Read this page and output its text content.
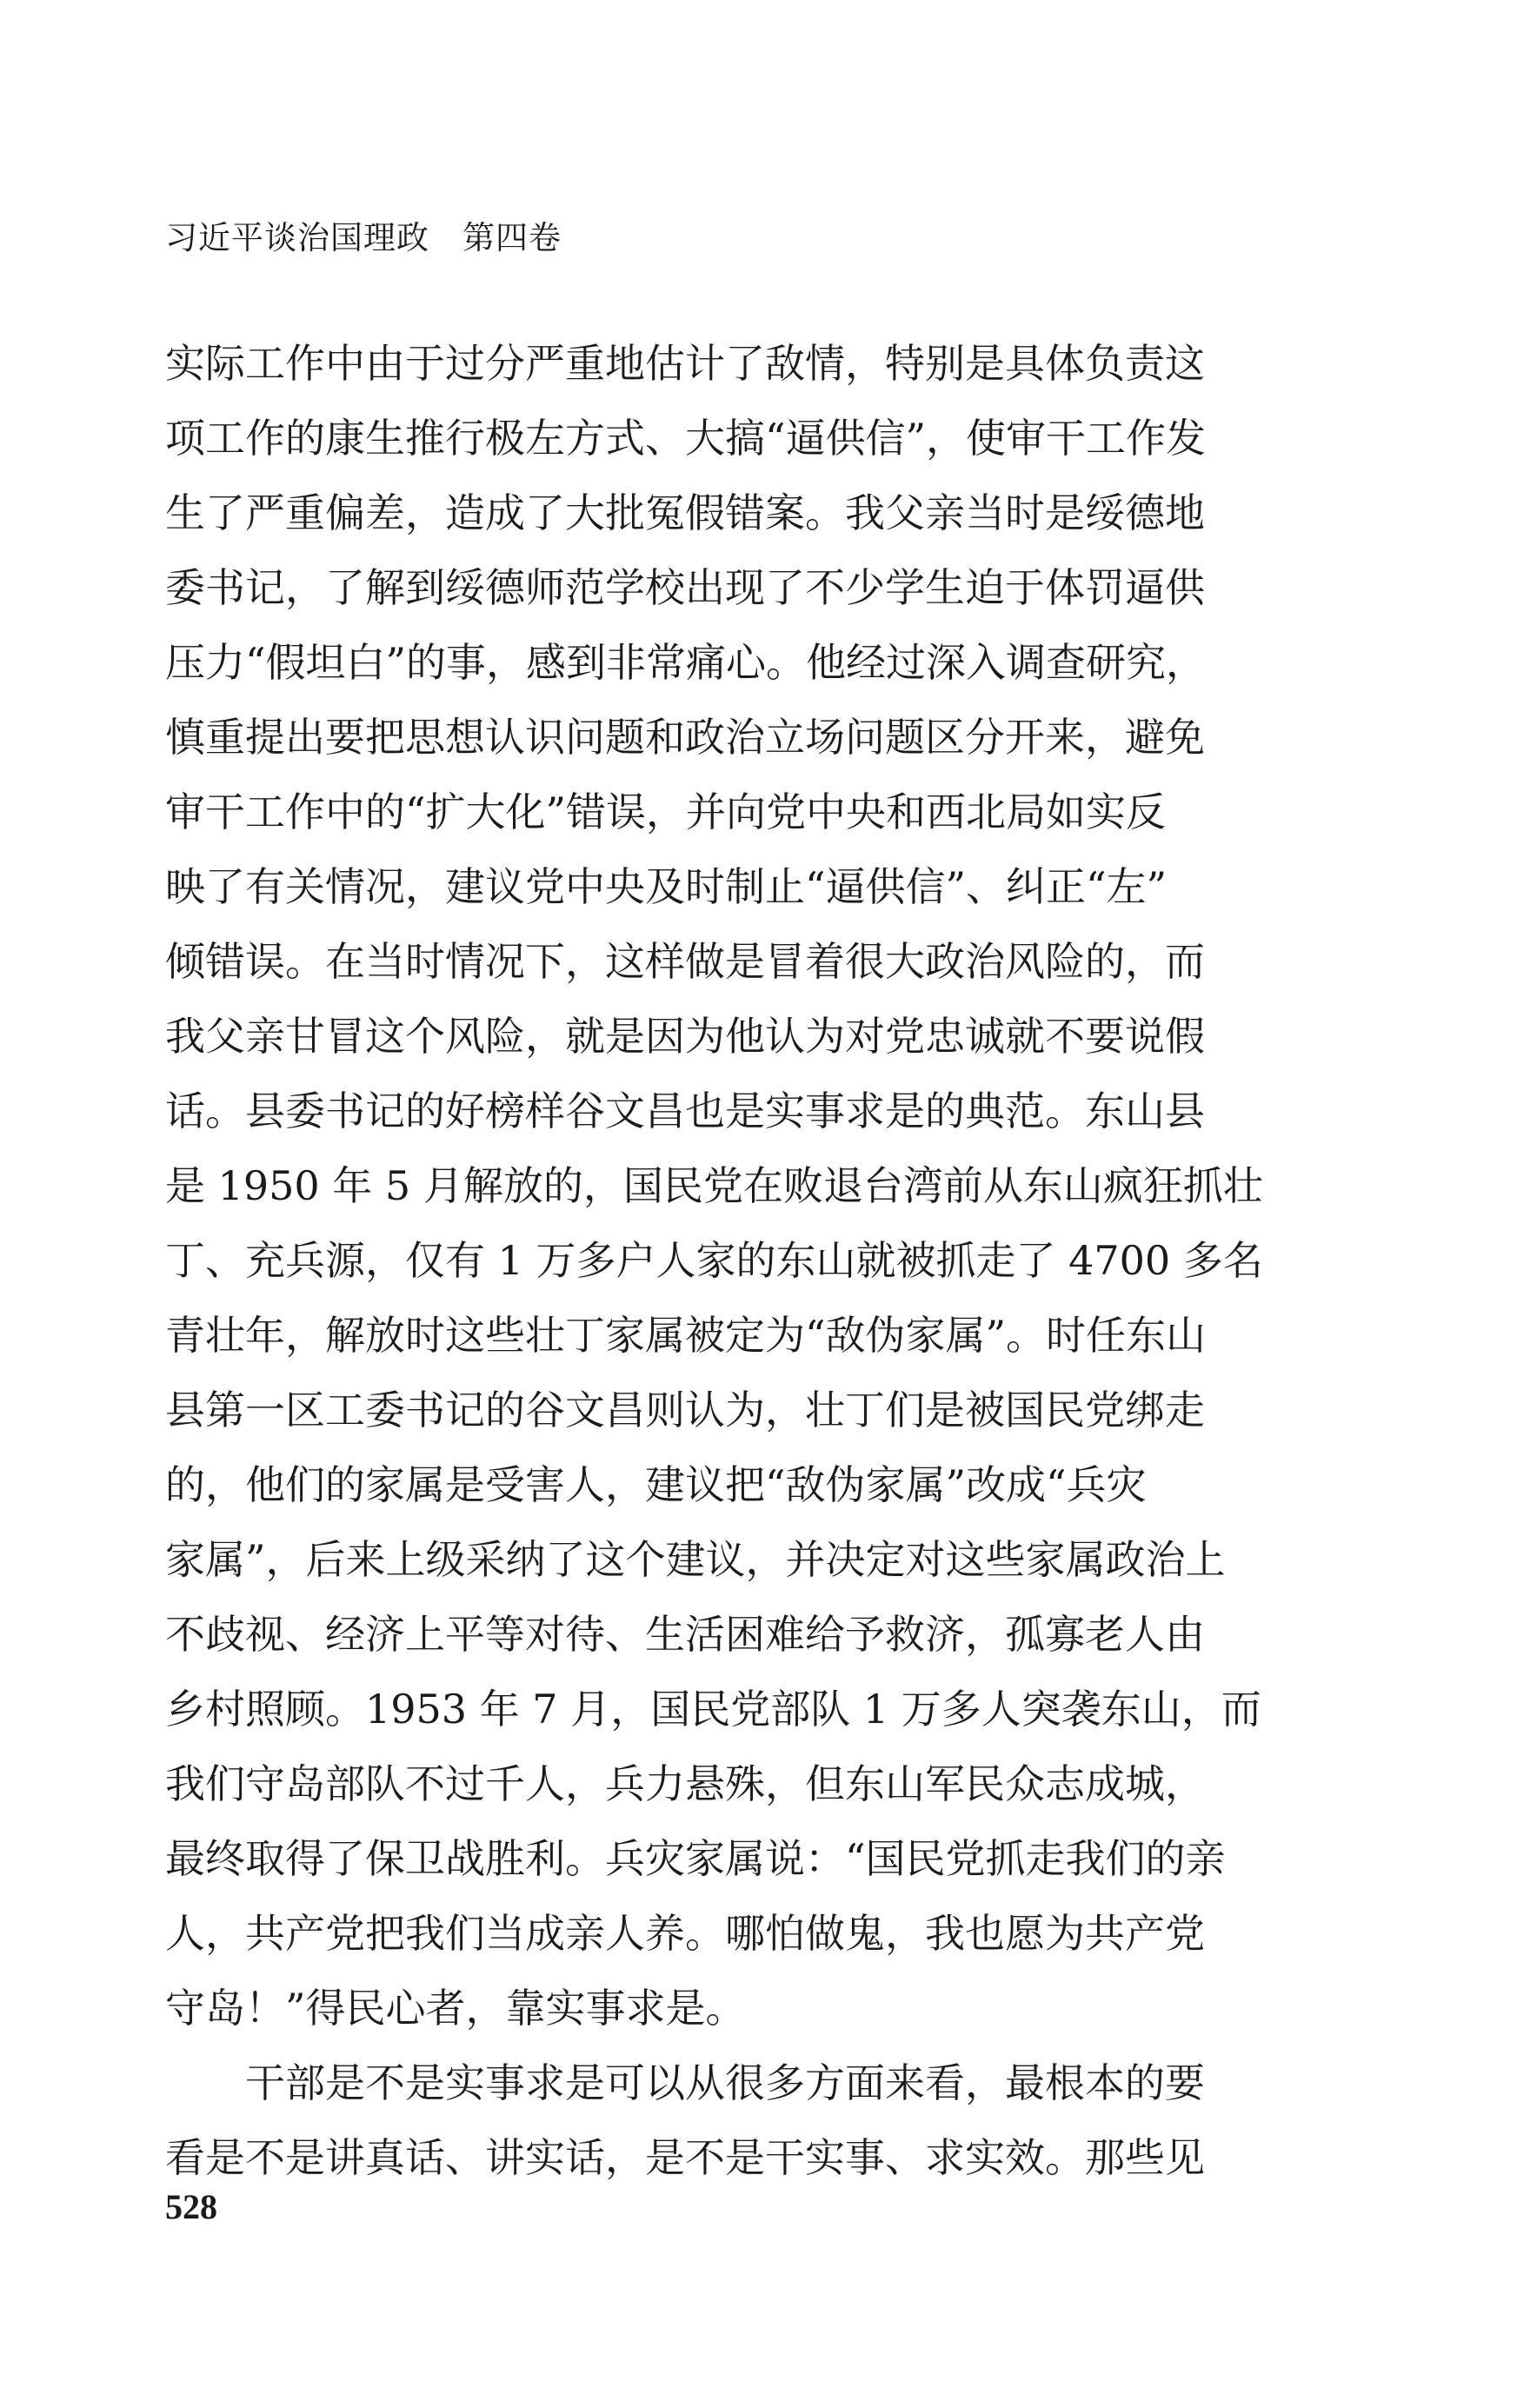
习近平谈治国理政　第四卷
实际工作中由于过分严重地估计了敌情，特别是具体负责这
项工作的康生推行极左方式、大搞“逼供信”，使审干工作发
生了严重偏差，造成了大批冤假错案。我父亲当时是绥德地
委书记，了解到绥德师范学校出现了不少学生迫于体罚逼供
压力“假坦白”的事，感到非常痛心。他经过深入调查研究，
慎重提出要把思想认识问题和政治立场问题区分开来，避免
审干工作中的“扩大化”错误，并向党中央和西北局如实反
映了有关情况，建议党中央及时制止“逼供信”、纠正“左”
倾错误。在当时情况下，这样做是冒着很大政治风险的，而
我父亲甘冒这个风险，就是因为他认为对党忠诚就不要说假
话。县委书记的好榜样谷文昌也是实事求是的典范。东山县
是 1950 年 5 月解放的，国民党在败退台湾前从东山疯狂抓壮
丁、充兵源，仅有 1 万多户人家的东山就被抓走了 4700 多名
青壮年，解放时这些壮丁家属被定为“敌伪家属”。时任东山
县第一区工委书记的谷文昌则认为，壮丁们是被国民党绑走
的，他们的家属是受害人，建议把“敌伪家属”改成“兵灾
家属”，后来上级采纳了这个建议，并决定对这些家属政治上
不歧视、经济上平等对待、生活困难给予救济，孤寡老人由
乡村照顾。1953 年 7 月，国民党部队 1 万多人突袭东山，而
我们守岛部队不过千人，兵力悬殊，但东山军民众志成城，
最终取得了保卫战胜利。兵灾家属说：“国民党抓走我们的亲
人，共产党把我们当成亲人养。哪怕做鬼，我也愿为共产党
守岛！”得民心者，靠实事求是。
干部是不是实事求是可以从很多方面来看，最根本的要
看是不是讲真话、讲实话，是不是干实事、求实效。那些见
528
